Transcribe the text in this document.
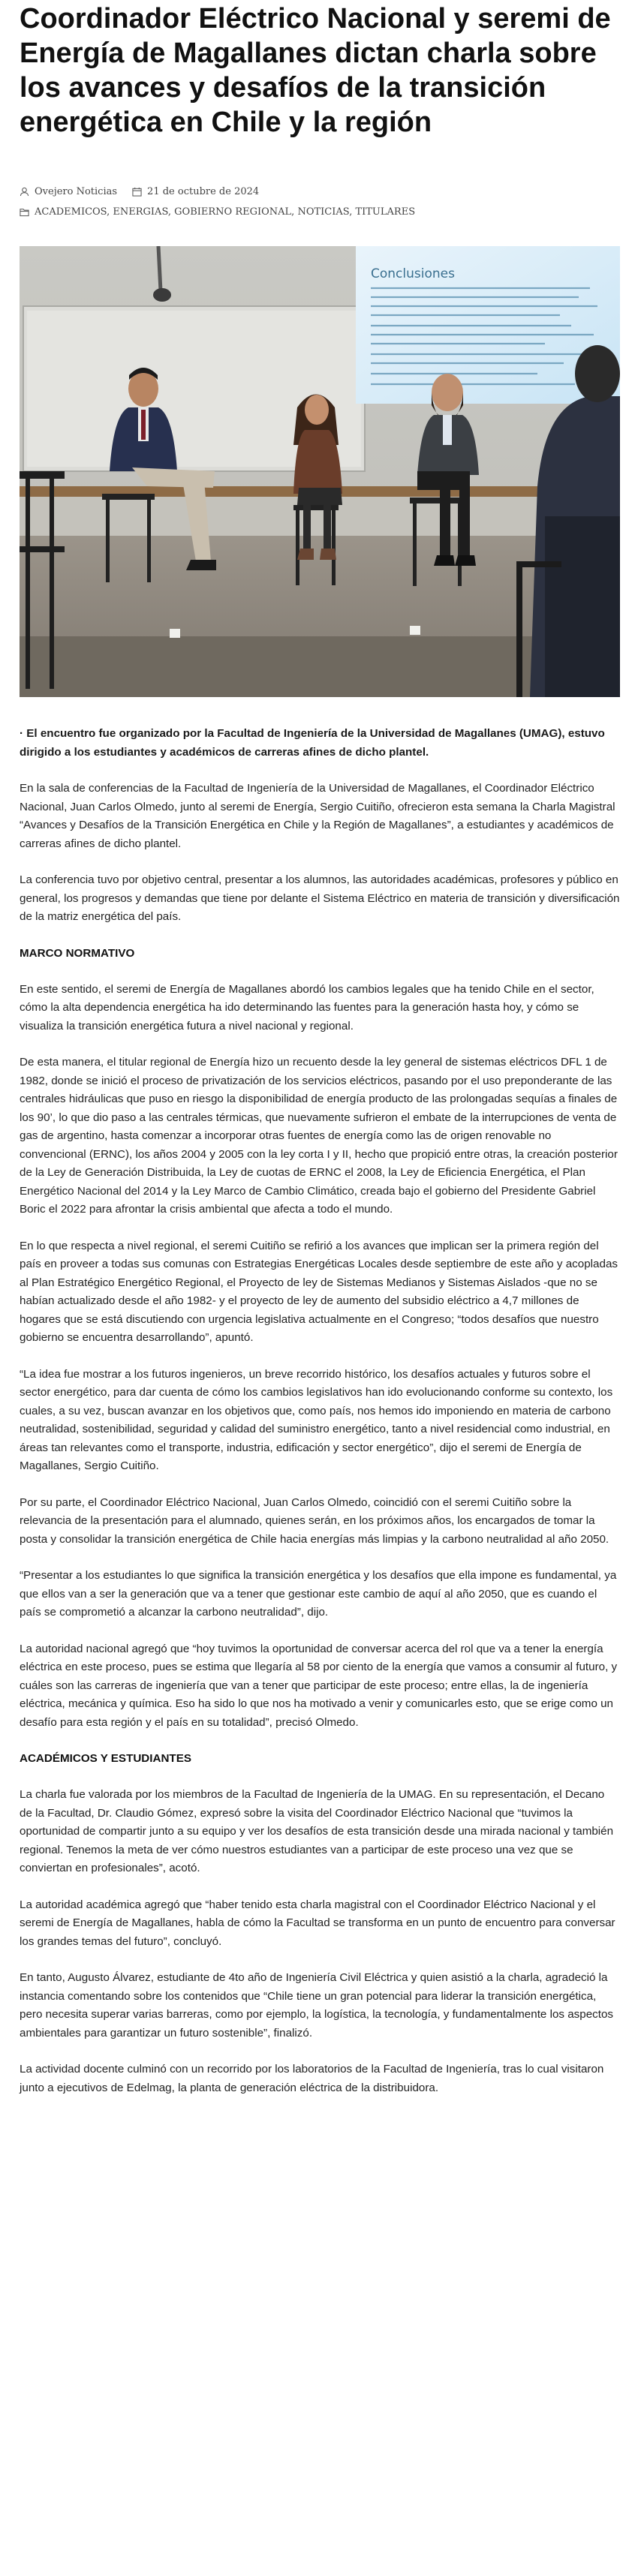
Coordinador Eléctrico Nacional y seremi de Energía de Magallanes dictan charla sobre los avances y desafíos de la transición energética en Chile y la región
Ovejero Noticias	21 de octubre de 2024
ACADEMICOS, ENERGIAS, GOBIERNO REGIONAL, NOTICIAS, TITULARES
Conclusiones

· El encuentro fue organizado por la Facultad de Ingeniería de la Universidad de Magallanes (UMAG), estuvo dirigido a los estudiantes y académicos de carreras afines de dicho plantel.

En la sala de conferencias de la Facultad de Ingeniería de la Universidad de Magallanes, el Coordinador Eléctrico Nacional, Juan Carlos Olmedo, junto al seremi de Energía, Sergio Cuitiño, ofrecieron esta semana la Charla Magistral “Avances y Desafíos de la Transición Energética en Chile y la Región de Magallanes”, a estudiantes y académicos de carreras afines de dicho plantel.

La conferencia tuvo por objetivo central, presentar a los alumnos, las autoridades académicas, profesores y público en general, los progresos y demandas que tiene por delante el Sistema Eléctrico en materia de transición y diversificación de la matriz energética del país.

MARCO NORMATIVO

En este sentido, el seremi de Energía de Magallanes abordó los cambios legales que ha tenido Chile en el sector, cómo la alta dependencia energética ha ido determinando las fuentes para la generación hasta hoy, y cómo se visualiza la transición energética futura a nivel nacional y regional.

De esta manera, el titular regional de Energía hizo un recuento desde la ley general de sistemas eléctricos DFL 1 de 1982, donde se inició el proceso de privatización de los servicios eléctricos, pasando por el uso preponderante de las centrales hidráulicas que puso en riesgo la disponibilidad de energía producto de las prolongadas sequías a finales de los 90’, lo que dio paso a las centrales térmicas, que nuevamente sufrieron el embate de la interrupciones de venta de gas de argentino, hasta comenzar a incorporar otras fuentes de energía como las de origen renovable no convencional (ERNC), los años 2004 y 2005 con la ley corta I y II, hecho que propició entre otras, la creación posterior de la Ley de Generación Distribuida, la Ley de cuotas de ERNC el 2008, la Ley de Eficiencia Energética, el Plan Energético Nacional del 2014 y la Ley Marco de Cambio Climático, creada bajo el gobierno del Presidente Gabriel Boric el 2022 para afrontar la crisis ambiental que afecta a todo el mundo.

En lo que respecta a nivel regional, el seremi Cuitiño se refirió a los avances que implican ser la primera región del país en proveer a todas sus comunas con Estrategias Energéticas Locales desde septiembre de este año y acopladas al Plan Estratégico Energético Regional, el Proyecto de ley de Sistemas Medianos y Sistemas Aislados -que no se habían actualizado desde el año 1982- y el proyecto de ley de aumento del subsidio eléctrico a 4,7 millones de hogares que se está discutiendo con urgencia legislativa actualmente en el Congreso; “todos desafíos que nuestro gobierno se encuentra desarrollando”, apuntó.

“La idea fue mostrar a los futuros ingenieros, un breve recorrido histórico, los desafíos actuales y futuros sobre el sector energético, para dar cuenta de cómo los cambios legislativos han ido evolucionando conforme su contexto, los cuales, a su vez, buscan avanzar en los objetivos que, como país, nos hemos ido imponiendo en materia de carbono neutralidad, sostenibilidad, seguridad y calidad del suministro energético, tanto a nivel residencial como industrial, en áreas tan relevantes como el transporte, industria, edificación y sector energético”, dijo el seremi de Energía de Magallanes, Sergio Cuitiño.

Por su parte, el Coordinador Eléctrico Nacional, Juan Carlos Olmedo, coincidió con el seremi Cuitiño sobre la relevancia de la presentación para el alumnado, quienes serán, en los próximos años, los encargados de tomar la posta y consolidar la transición energética de Chile hacia energías más limpias y la carbono neutralidad al año 2050.

“Presentar a los estudiantes lo que significa la transición energética y los desafíos que ella impone es fundamental, ya que ellos van a ser la generación que va a tener que gestionar este cambio de aquí al año 2050, que es cuando el país se comprometió a alcanzar la carbono neutralidad”, dijo.

La autoridad nacional agregó que “hoy tuvimos la oportunidad de conversar acerca del rol que va a tener la energía eléctrica en este proceso, pues se estima que llegaría al 58 por ciento de la energía que vamos a consumir al futuro, y cuáles son las carreras de ingeniería que van a tener que participar de este proceso; entre ellas, la de ingeniería eléctrica, mecánica y química. Eso ha sido lo que nos ha motivado a venir y comunicarles esto, que se erige como un desafío para esta región y el país en su totalidad”, precisó Olmedo.

ACADÉMICOS Y ESTUDIANTES

La charla fue valorada por los miembros de la Facultad de Ingeniería de la UMAG. En su representación, el Decano de la Facultad, Dr. Claudio Gómez, expresó sobre la visita del Coordinador Eléctrico Nacional que “tuvimos la oportunidad de compartir junto a su equipo y ver los desafíos de esta transición desde una mirada nacional y también regional. Tenemos la meta de ver cómo nuestros estudiantes van a participar de este proceso una vez que se conviertan en profesionales”, acotó.

La autoridad académica agregó que “haber tenido esta charla magistral con el Coordinador Eléctrico Nacional y el seremi de Energía de Magallanes, habla de cómo la Facultad se transforma en un punto de encuentro para conversar los grandes temas del futuro”, concluyó.

En tanto, Augusto Álvarez, estudiante de 4to año de Ingeniería Civil Eléctrica y quien asistió a la charla, agradeció la instancia comentando sobre los contenidos que “Chile tiene un gran potencial para liderar la transición energética, pero necesita superar varias barreras, como por ejemplo, la logística, la tecnología, y fundamentalmente los aspectos ambientales para garantizar un futuro sostenible”, finalizó.

La actividad docente culminó con un recorrido por los laboratorios de la Facultad de Ingeniería, tras lo cual visitaron junto a ejecutivos de Edelmag, la planta de generación eléctrica de la distribuidora.
